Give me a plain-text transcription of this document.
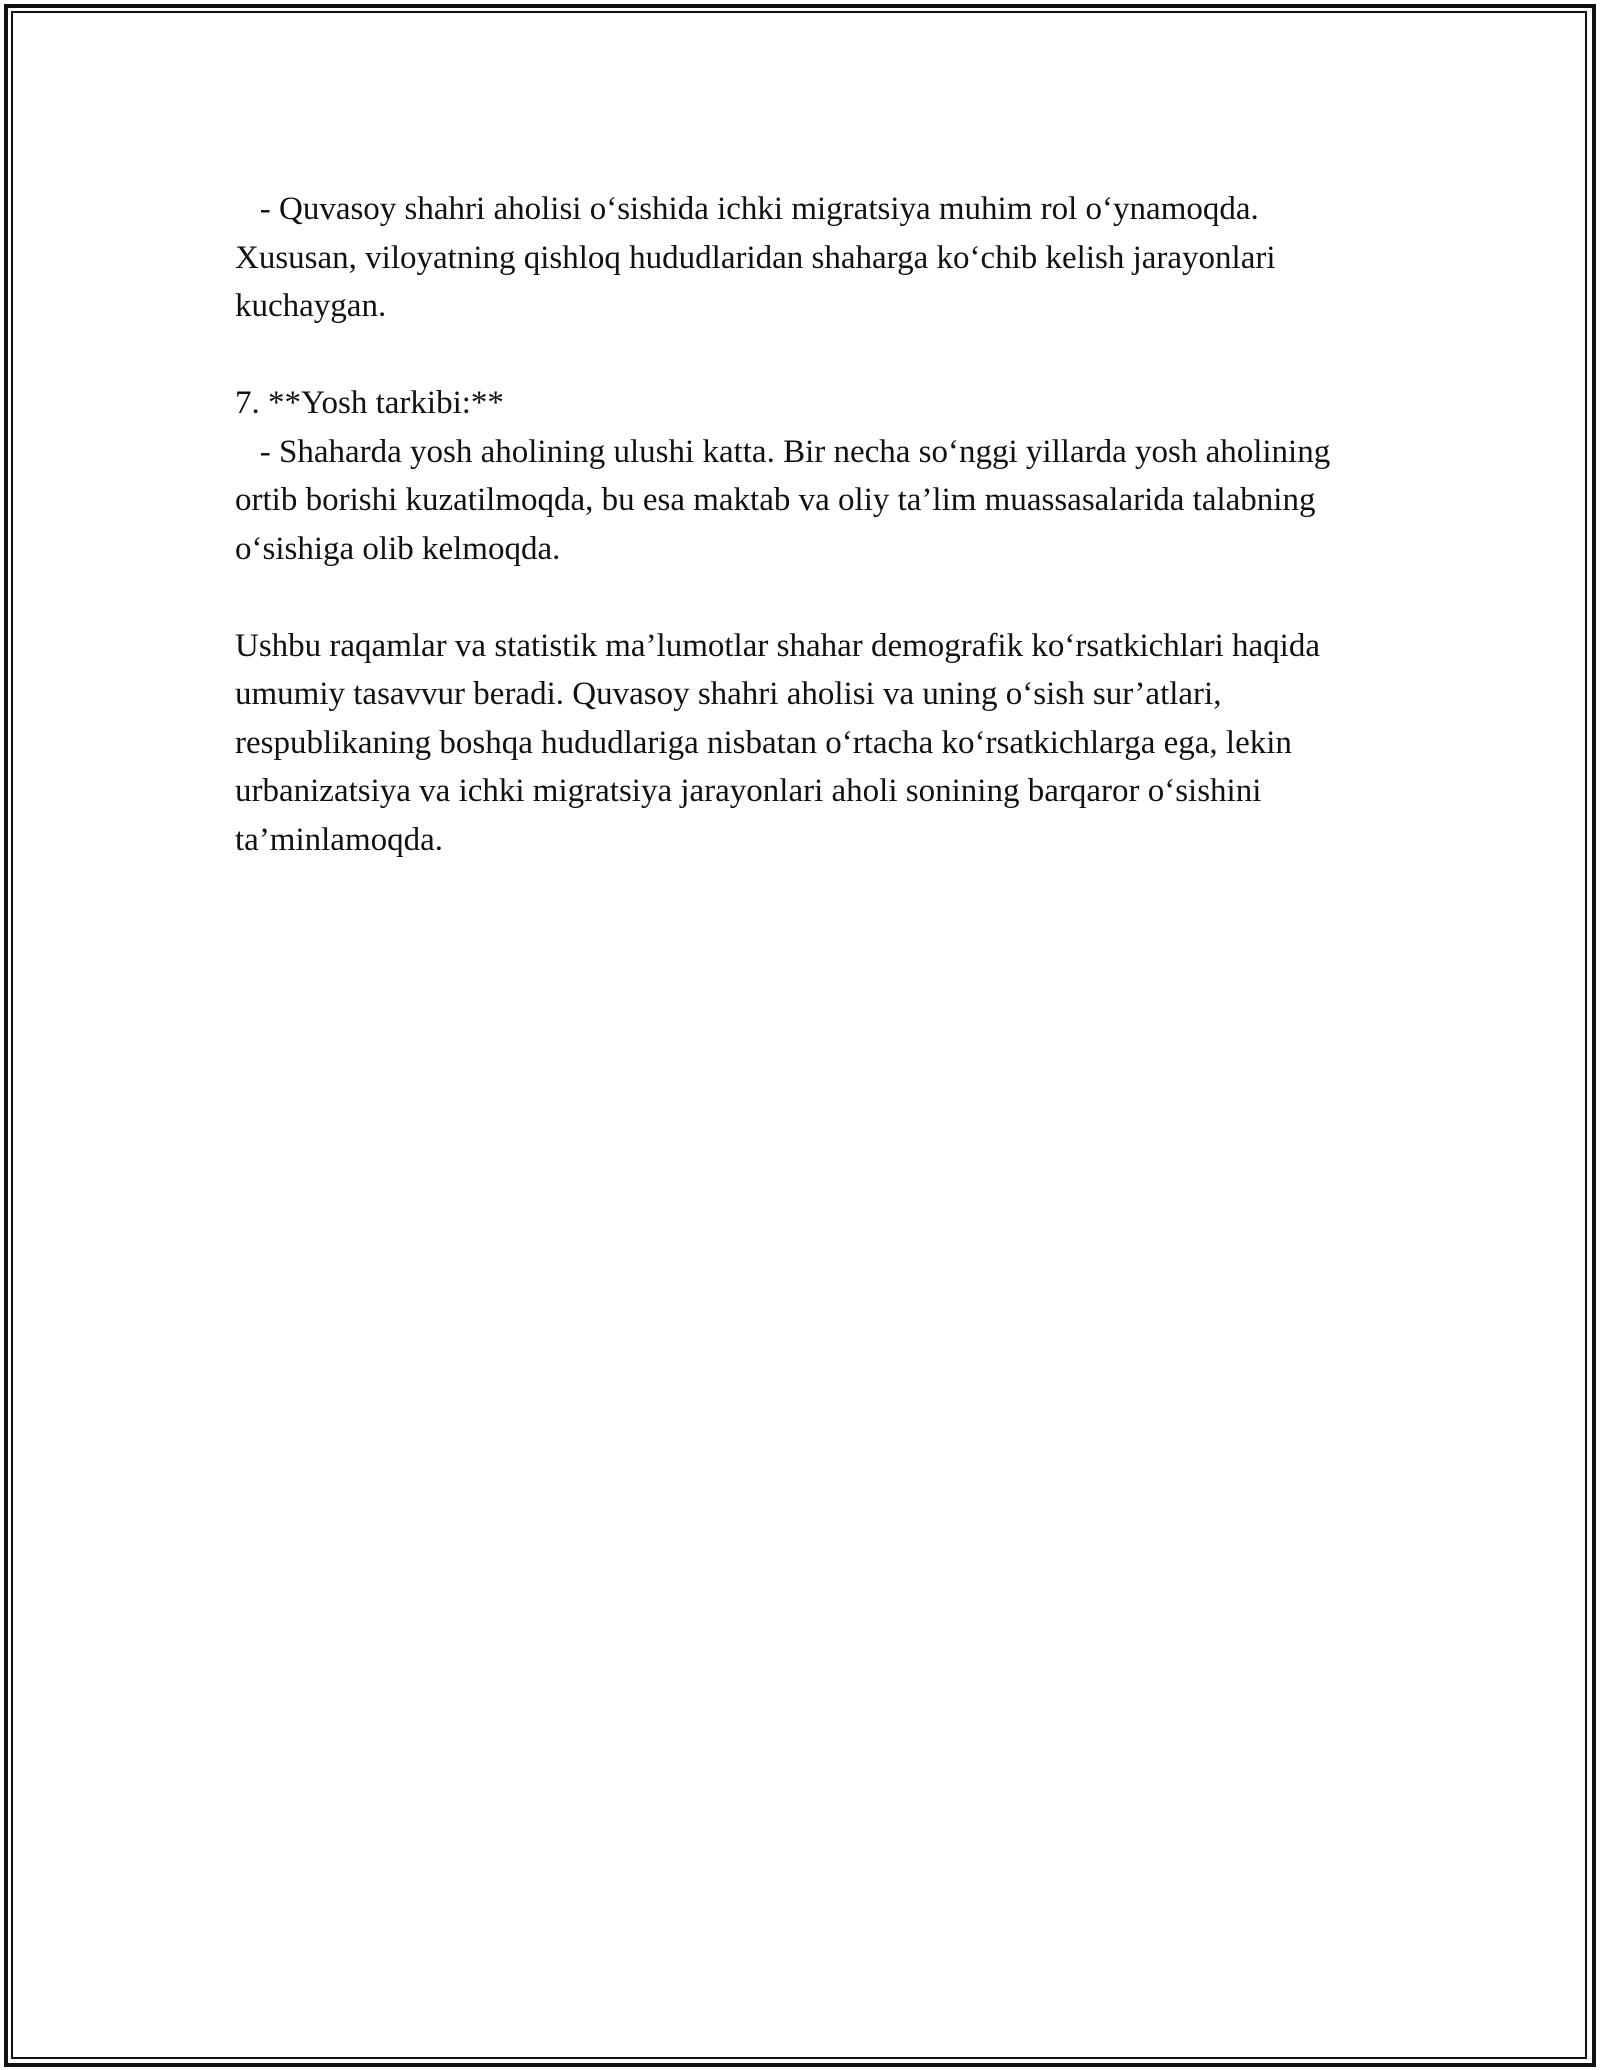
- Quvasoy shahri aholisi o‘sishida ichki migratsiya muhim rol o‘ynamoqda. Xususan, viloyatning qishloq hududlaridan shaharga ko‘chib kelish jarayonlari kuchaygan.

7. **Yosh tarkibi:**

- Shaharda yosh aholining ulushi katta. Bir necha so‘nggi yillarda yosh aholining ortib borishi kuzatilmoqda, bu esa maktab va oliy ta’lim muassasalarida talabning o‘sishiga olib kelmoqda.

Ushbu raqamlar va statistik ma’lumotlar shahar demografik ko‘rsatkichlari haqida umumiy tasavvur beradi. Quvasoy shahri aholisi va uning o‘sish sur’atlari, respublikaning boshqa hududlariga nisbatan o‘rtacha ko‘rsatkichlarga ega, lekin urbanizatsiya va ichki migratsiya jarayonlari aholi sonining barqaror o‘sishini ta’minlamoqda.
